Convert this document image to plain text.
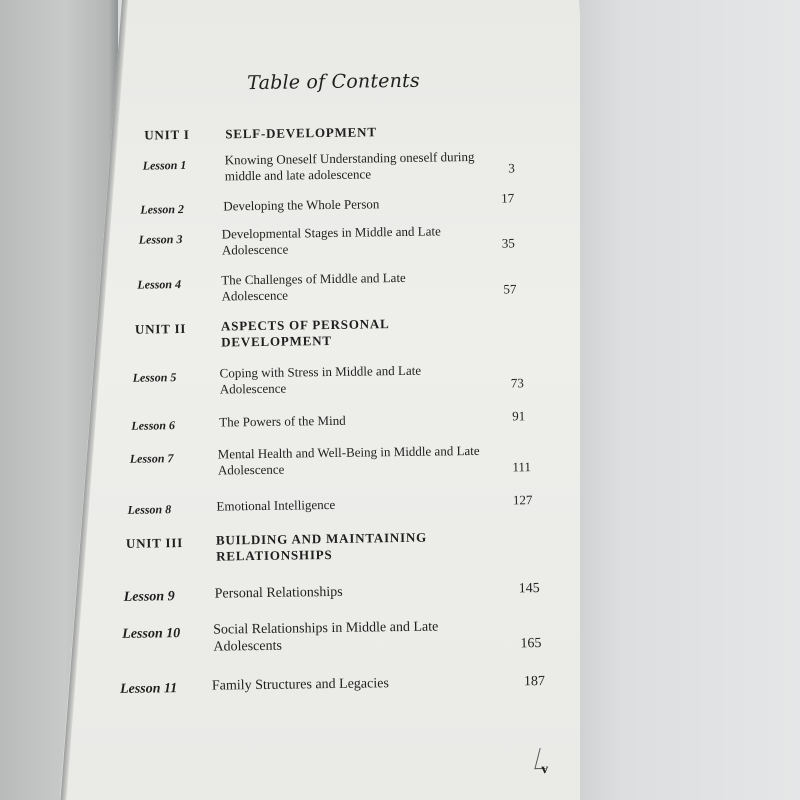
Table of Contents
UNIT I	SELF-DEVELOPMENT
Lesson 1	Knowing Oneself Understanding oneself during middle and late adolescence	3
Lesson 2	Developing the Whole Person	17
Lesson 3	Developmental Stages in Middle and Late Adolescence	35
Lesson 4	The Challenges of Middle and Late Adolescence	57
UNIT II	ASPECTS OF PERSONAL DEVELOPMENT
Lesson 5	Coping with Stress in Middle and Late Adolescence	73
Lesson 6	The Powers of the Mind	91
Lesson 7	Mental Health and Well-Being in Middle and Late Adolescence	111
Lesson 8	Emotional Intelligence	127
UNIT III	BUILDING AND MAINTAINING RELATIONSHIPS
Lesson 9	Personal Relationships	145
Lesson 10 Social Relationships in Middle and Late Adolescents	165
Lesson 11 Family Structures and Legacies	187
v
